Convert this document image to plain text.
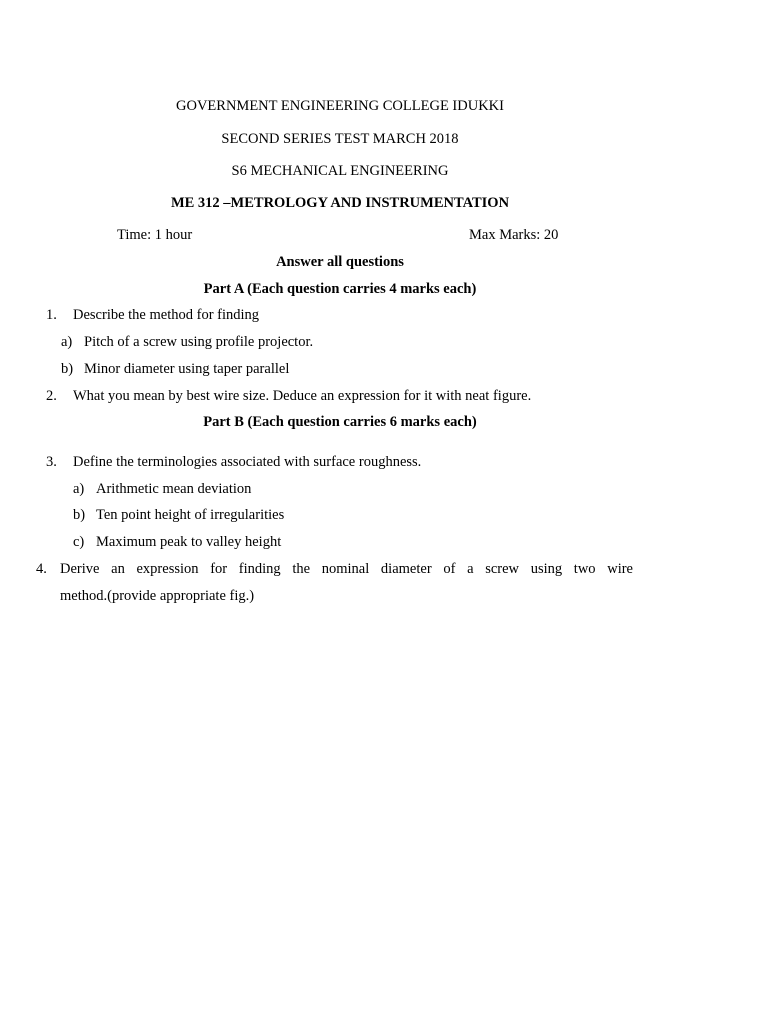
GOVERNMENT ENGINEERING COLLEGE IDUKKI
SECOND SERIES TEST MARCH 2018
S6 MECHANICAL ENGINEERING
ME 312 –METROLOGY AND INSTRUMENTATION
Time: 1 hour	Max Marks: 20
Answer all questions
Part A (Each question carries 4 marks each)
1. Describe the method for finding
a) Pitch of a screw using profile projector.
b) Minor diameter using taper parallel
2. What you mean by best wire size. Deduce an expression for it with neat figure.
Part B (Each question carries 6 marks each)
3. Define the terminologies associated with surface roughness.
a) Arithmetic mean deviation
b) Ten point height of irregularities
c) Maximum peak to valley height
4. Derive an expression for finding the nominal diameter of a screw using two wire
method.(provide appropriate fig.)
